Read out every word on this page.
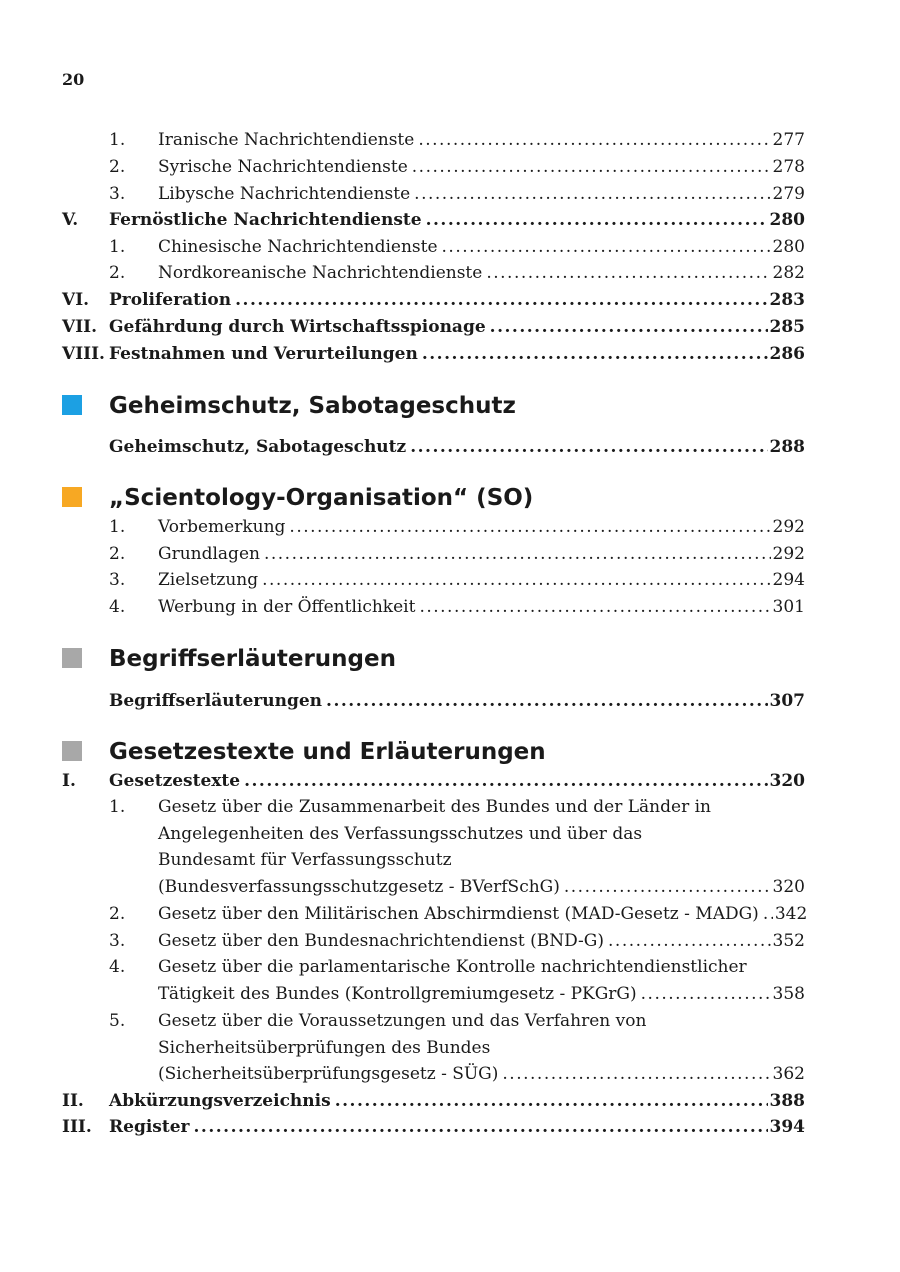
20
1. Iranische Nachrichtendienste .....	277
2. Syrische Nachrichtendienste .....	278
3. Libysche Nachrichtendienste .....	279
V. Fernöstliche Nachrichtendienste .....	280
1. Chinesische Nachrichtendienste .....	280
2. Nordkoreanische Nachrichtendienste .....	282
VI. Proliferation .....	283
VII. Gefährdung durch Wirtschaftsspionage .....	285
VIII. Festnahmen und Verurteilungen .....	286
Geheimschutz, Sabotageschutz
Geheimschutz, Sabotageschutz .....	288
„Scientology-Organisation“ (SO)
1. Vorbemerkung .....	292
2. Grundlagen .....	292
3. Zielsetzung .....	294
4. Werbung in der Öffentlichkeit .....	301
Begriffserläuterungen
Begriffserläuterungen .....	307
Gesetzestexte und Erläuterungen
I. Gesetzestexte .....	320
1. Gesetz über die Zusammenarbeit des Bundes und der Länder in
Angelegenheiten des Verfassungsschutzes und über das
Bundesamt für Verfassungsschutz
(Bundesverfassungsschutzgesetz - BVerfSchG) .....	320
2. Gesetz über den Militärischen Abschirmdienst (MAD-Gesetz - MADG) ..... 342
3. Gesetz über den Bundesnachrichtendienst (BND-G) .....	352
4. Gesetz über die parlamentarische Kontrolle nachrichtendienstlicher
Tätigkeit des Bundes (Kontrollgremiumgesetz - PKGrG) .....	358
5. Gesetz über die Voraussetzungen und das Verfahren von
Sicherheitsüberprüfungen des Bundes
(Sicherheitsüberprüfungsgesetz - SÜG) .....	362
II. Abkürzungsverzeichnis .....	388
III. Register .....	394
